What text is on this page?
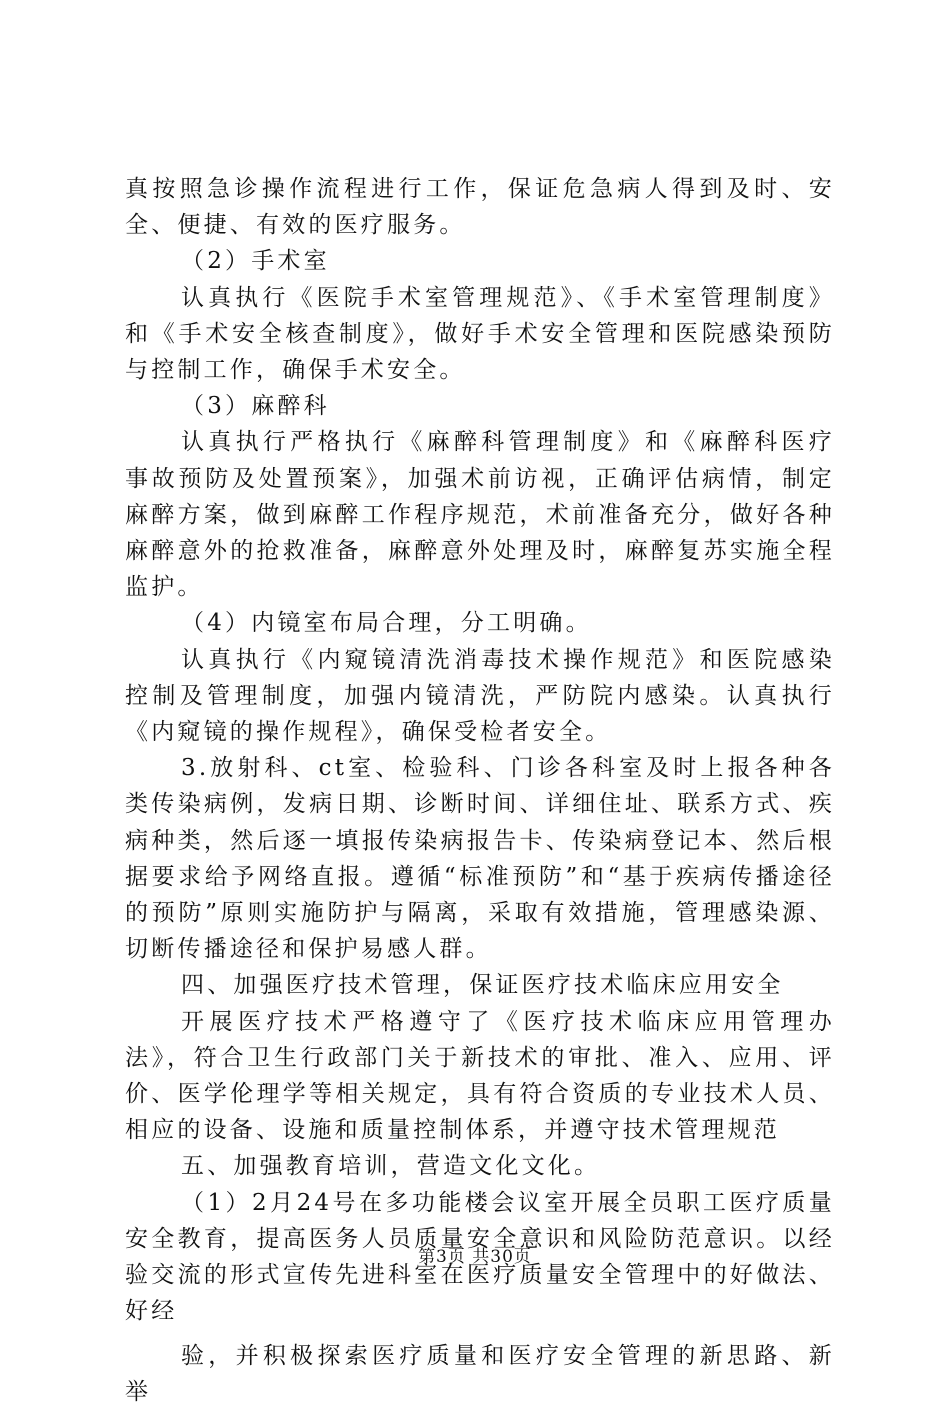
真按照急诊操作流程进行工作，保证危急病人得到及时、安全、便捷、有效的医疗服务。

（2）手术室

认真执行《医院手术室管理规范》、《手术室管理制度》和《手术安全核查制度》，做好手术安全管理和医院感染预防与控制工作，确保手术安全。

（3）麻醉科

认真执行严格执行《麻醉科管理制度》和《麻醉科医疗事故预防及处置预案》，加强术前访视，正确评估病情，制定麻醉方案，做到麻醉工作程序规范，术前准备充分，做好各种麻醉意外的抢救准备，麻醉意外处理及时，麻醉复苏实施全程监护。

（4）内镜室布局合理，分工明确。

认真执行《内窥镜清洗消毒技术操作规范》和医院感染控制及管理制度，加强内镜清洗，严防院内感染。认真执行《内窥镜的操作规程》，确保受检者安全。

3.放射科、ct室、检验科、门诊各科室及时上报各种各类传染病例，发病日期、诊断时间、详细住址、联系方式、疾病种类，然后逐一填报传染病报告卡、传染病登记本、然后根据要求给予网络直报。遵循“标准预防”和“基于疾病传播途径的预防”原则实施防护与隔离，采取有效措施，管理感染源、切断传播途径和保护易感人群。

四、加强医疗技术管理，保证医疗技术临床应用安全

开展医疗技术严格遵守了《医疗技术临床应用管理办法》，符合卫生行政部门关于新技术的审批、准入、应用、评价、医学伦理学等相关规定，具有符合资质的专业技术人员、相应的设备、设施和质量控制体系，并遵守技术管理规范

五、加强教育培训，营造文化文化。

（1）2月24号在多功能楼会议室开展全员职工医疗质量安全教育，提高医务人员质量安全意识和风险防范意识。以经验交流的形式宣传先进科室在医疗质量安全管理中的好做法、好经

验，并积极探索医疗质量和医疗安全管理的新思路、新举

第3页 共30页
